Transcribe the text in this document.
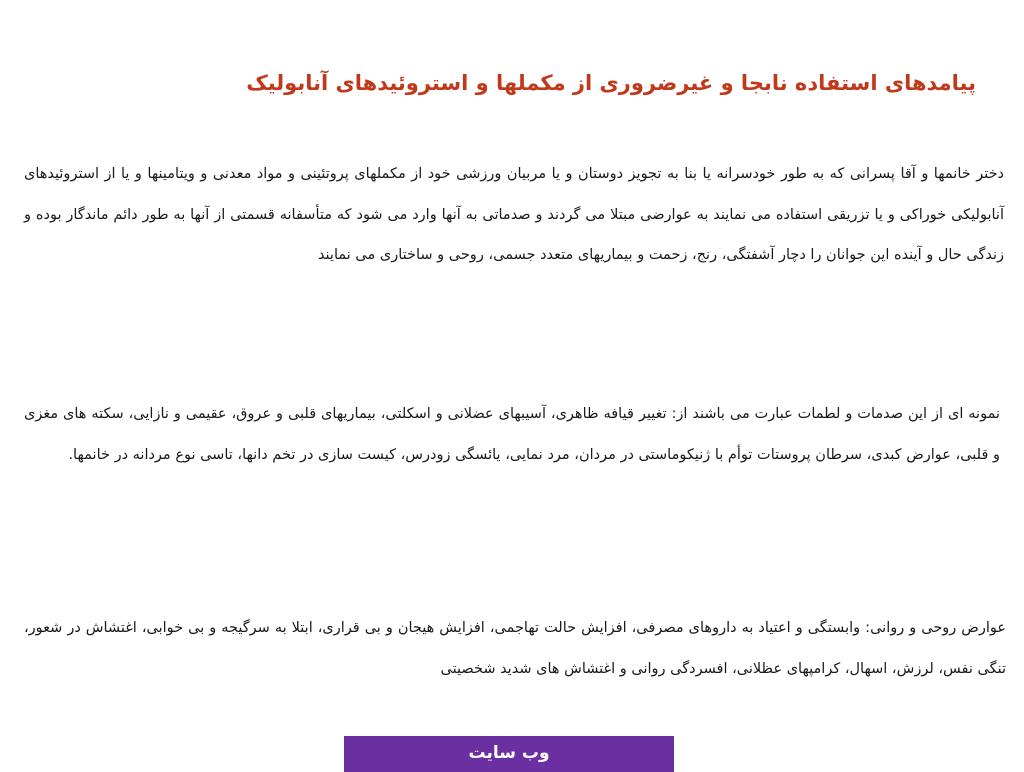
پیامدهای استفاده نابجا و غیرضروری از مکملها و استروئیدهای آنابولیک

دختر خانمها و آقا پسرانی که به طور خودسرانه یا بنا به تجویز دوستان و یا مربیان ورزشی خود از مکملهای پروتئینی و مواد معدنی و ویتامینها و یا از استروئیدهای آنابولیکی خوراکی و یا تزریقی استفاده می نمایند به عوارضی مبتلا می گردند و صدماتی به آنها وارد می شود که متأسفانه قسمتی از آنها به طور دائم ماندگار بوده و زندگی حال و آینده این جوانان را دچار آشفتگی، رنج، زحمت و بیماریهای متعدد جسمی، روحی و ساختاری می نمایند

نمونه ای از این صدمات و لطمات عبارت می باشند از: تغییر قیافه ظاهری، آسیبهای عضلانی و اسکلتی، بیماریهای قلبی و عروق، عقیمی و نازایی، سکته های مغزی و قلبی، عوارض کبدی، سرطان پروستات توأم با ژنیکوماستی در مردان، مرد نمایی، یائسگی زودرس، کیست سازی در تخم دانها، تاسی نوع مردانه در خانمها.

عوارض روحی و روانی: وابستگی و اعتیاد به داروهای مصرفی، افزایش حالت تهاجمی، افزایش هیجان و بی قراری، ابتلا به سرگیجه و بی خوابی، اغتشاش در شعور، تنگی نفس، لرزش، اسهال، کرامپهای عظلانی، افسردگی روانی و اغتشاش های شدید شخصیتی

وب سایت
